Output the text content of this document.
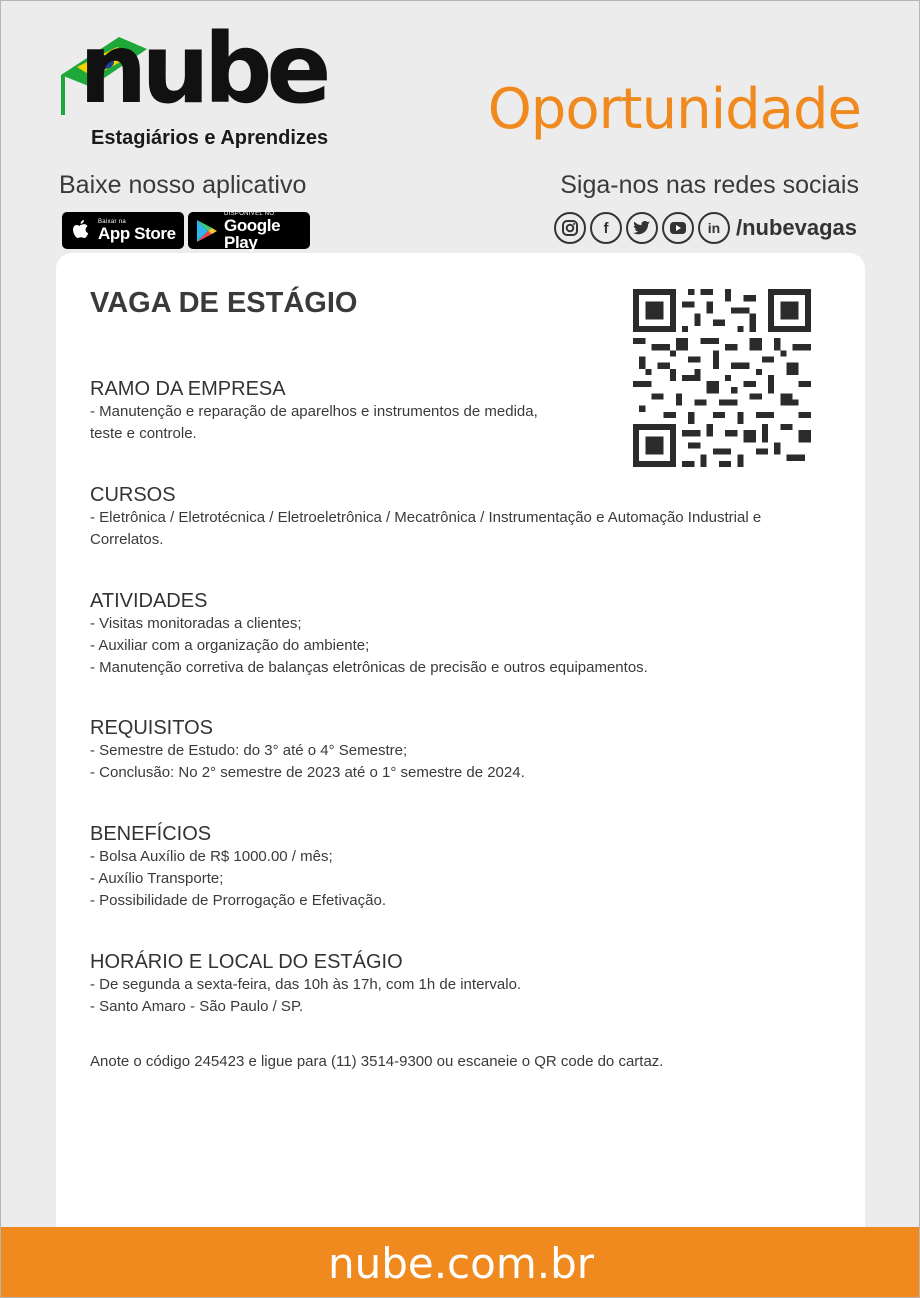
nube
Estagiários e Aprendizes	Oportunidade
Baixe nosso aplicativo	Siga-nos nas redes sociais
Baixar na
App Store
DISPONÍVEL NO
Google Play
f	in /nubevagas
VAGA DE ESTÁGIO
RAMO DA EMPRESA
- Manutenção e reparação de aparelhos e instrumentos de medida, teste e controle.
CURSOS
- Eletrônica / Eletrotécnica / Eletroeletrônica / Mecatrônica / Instrumentação e Automação Industrial e Correlatos.
ATIVIDADES
- Visitas monitoradas a clientes;
- Auxiliar com a organização do ambiente;
- Manutenção corretiva de balanças eletrônicas de precisão e outros equipamentos.
REQUISITOS
- Semestre de Estudo: do 3° até o 4° Semestre;
- Conclusão: No 2° semestre de 2023 até o 1° semestre de 2024.
BENEFÍCIOS
- Bolsa Auxílio de R$ 1000.00 / mês;
- Auxílio Transporte;
- Possibilidade de Prorrogação e Efetivação.
HORÁRIO E LOCAL DO ESTÁGIO
- De segunda a sexta-feira, das 10h às 17h, com 1h de intervalo.
- Santo Amaro - São Paulo / SP.
Anote o código 245423 e ligue para (11) 3514-9300 ou escaneie o QR code do cartaz.
nube.com.br
